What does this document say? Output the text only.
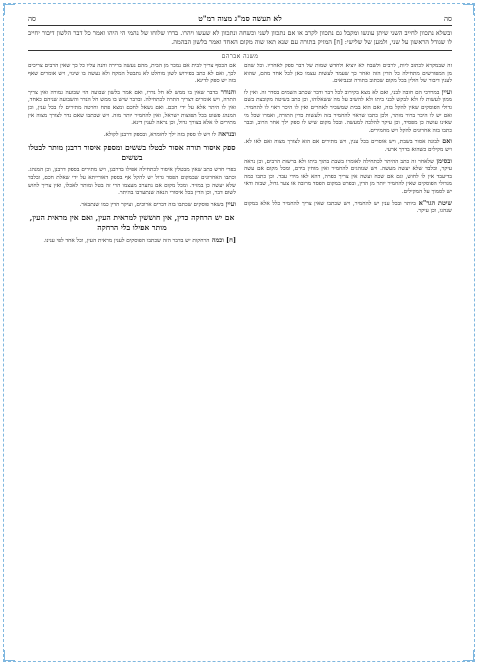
סה
לא תעשה סמ"ג מצוה רמ"ט
סה
ובשלא נתכוון לחייב השני שיתן עונשו ומקבל גם נתכוון לקרב או אם נתכוון לשני וכשחה ונתכוון לא שעשו ויהרו. בדרו שלוחו של נהמי הי היהו ואמר כל דבר הלשון דיבור יחייב לו שגודל הראשון על שני, ולמען של שלישי: [ח] המזיק בתורה עם שנא תאו שוה מקום האחד ואמר בלשון הבהמה.
משנה אברהם

זה שבמקרא לכתוב ליות, לרבים ולשבח לא יוציא ולחדש שמות של דבר ספק לאחריו. וכל שהם מן המפורשים מתחילה כל הדין הזה ואחר כך שעמד לעשות עצמו כאן לכל אחד מהם, שהוא לענין דיבור של חולין בכל מקום שכתוב בתורה ובנביאים.

ועיין במרדכי הם חובה לבני, ואם לא מצא בקירוב לכל דבר ודבר שכתב השמים בסדר זה. ואין לו ממון לעשות לו ולא לבקש לבני ביתו ולא להשיב על מה ששאלוהו, וכן כתב בשיטה מקובצת בשם גדולי הפוסקים שאין להקל בזה, ואם הוא בבית שמשכיר לאחרים ואין לו היכר ראוי לו להחמיר. ואם יש לו היכר ברור מותר, ולכן כתבו שראוי להחמיר בזה ולעשות כדין התורה, ואמרו שכל מי שאינו עושה כן מפסיד, וכן עיקר להלכה למעשה. ובכל מקום שיש לו ספק ילך אחר הרוב, וכבר כתבו בזה אחרונים להקל ויש מחמירים.

ואם לבונה אסור בשבת, ויש אוסרים בכל ענין, ויש מתירים אם הוא לצורך מצוה ואם לאו לא. ויש מקילים כשהוא בדרך ארעי.

ובסימן שלאחר זה כתב ההיתר לכתחילה לאומרו בשבת בתוך ביתו ולא ברשות הרבים, וכן נראה עיקר, ובלבד שלא יעשה מעשה. ויש שנוהגים להחמיר ואין מוחין בידם, ומכל מקום אם עשה בדיעבד אין לו לחוש, וגם אם שכח ועשה אין צריך כפרה, דהא לאו מידי עבד. וכן כתבו כמה מגדולי הפוסקים שאין להחמיר יותר מן הדין, ובפרט במקום הפסד מרובה או צער גדול, שבזה ודאי יש לסמוך על המקילים.

שיטת הגר"א ביותר ובכל ענין יש להחמיר, ויש שכתבו שאין צריך להחמיר כלל אלא במקום שנהגו, וכן עיקר.

אם הכסף צריך לבית אם נמכר מן הבית, מהם נעשה ברירה והנה עליו כל כך שאין הרבים צריכים לכך, ואם לא כתב בפירוש לשון מוחלט לא נתבטל המקח ולא נעשה בו שינוי, ויש אומרים שאף בזה יש ספק לדינא.

והנודר בדבר שאין בו ממש לא חל נדרו, ואם אמר בלשון שבועה הוי שבועה גמורה ואין צריך התרה, ויש אומרים דצריך התרה לכתחילה. ובדבר שיש בו ממש חל הנדר והשבועה שניהם כאחד, ואין לו היתר אלא על ידי חכם. ואם נשאל לחכם ומצא פתח וחרטה מתירים לו בכל ענין, וכן המנהג פשוט בכל תפוצות ישראל, ואין להחמיר יותר מזה. ויש שכתבו שאם נדר לצורך מצוה אין מתירים לו אלא בצורך גדול, וכן נראה לענין דינא.

ובנראה לו ויש לו ספק בזה ילך לחומרא, ובספק דרבנן לקולא.

ספק איסור תורה אסור לבטלו בששים ומספק איסור דרבנן מותר לבטלו בששים

בפרי חדש כתב שאין מבטלין איסור לכתחילה אפילו בדרבנן, ויש מתירים בספק דרבנן, וכן המנהג. וכתבו האחרונים שבמקום הפסד גדול יש להקל אף בספק דאורייתא על ידי שאלת חכם, ובלבד שלא יעשה כן במזיד. ומכל מקום אם נתערב מעצמו הרי זה בטל ומותר לאכלו, ואין צריך לחוש לשום דבר, וכן הדין בכל איסורי הנאה שנתערבו בהיתר.

ועיין בשאר פוסקים שכתבו בזה דברים ארוכים, ועיקר הדין כמו שנתבאר.

אם יש הרחקה כדין, אין חוששין למראית העין, ואם אין מראית העין, מותר אפילו בלי הרחקה

[ח] וכמה הרחקות יש בדבר הזה שכתבו הפוסקים לענין מראית העין, וכל אחד לפי ענינו.
